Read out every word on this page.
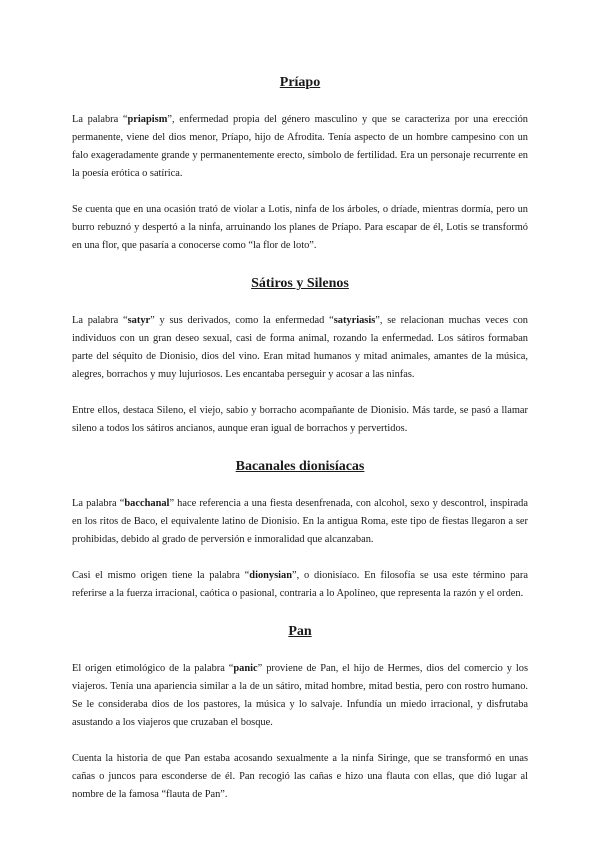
Príapo

La palabra “priapism”, enfermedad propia del género masculino y que se caracteriza por una erección permanente, viene del dios menor, Príapo, hijo de Afrodita. Tenía aspecto de un hombre campesino con un falo exageradamente grande y permanentemente erecto, símbolo de fertilidad. Era un personaje recurrente en la poesía erótica o satírica.

Se cuenta que en una ocasión trató de violar a Lotis, ninfa de los árboles, o dríade, mientras dormía, pero un burro rebuznó y despertó a la ninfa, arruinando los planes de Príapo. Para escapar de él, Lotis se transformó en una flor, que pasaría a conocerse como “la flor de loto”.

Sátiros y Silenos

La palabra “satyr” y sus derivados, como la enfermedad “satyriasis”, se relacionan muchas veces con individuos con un gran deseo sexual, casi de forma animal, rozando la enfermedad. Los sátiros formaban parte del séquito de Dionisio, dios del vino. Eran mitad humanos y mitad animales, amantes de la música, alegres, borrachos y muy lujuriosos. Les encantaba perseguir y acosar a las ninfas.

Entre ellos, destaca Sileno, el viejo, sabio y borracho acompañante de Dionisio. Más tarde, se pasó a llamar sileno a todos los sátiros ancianos, aunque eran igual de borrachos y pervertidos.

Bacanales dionisíacas

La palabra “bacchanal” hace referencia a una fiesta desenfrenada, con alcohol, sexo y descontrol, inspirada en los ritos de Baco, el equivalente latino de Dionisio. En la antigua Roma, este tipo de fiestas llegaron a ser prohibidas, debido al grado de perversión e inmoralidad que alcanzaban.

Casi el mismo origen tiene la palabra “dionysian”, o dionisíaco. En filosofía se usa este término para referirse a la fuerza irracional, caótica o pasional, contraria a lo Apolíneo, que representa la razón y el orden.

Pan

El origen etimológico de la palabra “panic” proviene de Pan, el hijo de Hermes, dios del comercio y los viajeros. Tenía una apariencia similar a la de un sátiro, mitad hombre, mitad bestia, pero con rostro humano. Se le consideraba dios de los pastores, la música y lo salvaje. Infundía un miedo irracional, y disfrutaba asustando a los viajeros que cruzaban el bosque.

Cuenta la historia de que Pan estaba acosando sexualmente a la ninfa Siringe, que se transformó en unas cañas o juncos para esconderse de él. Pan recogió las cañas e hizo una flauta con ellas, que dió lugar al nombre de la famosa “flauta de Pan”.
